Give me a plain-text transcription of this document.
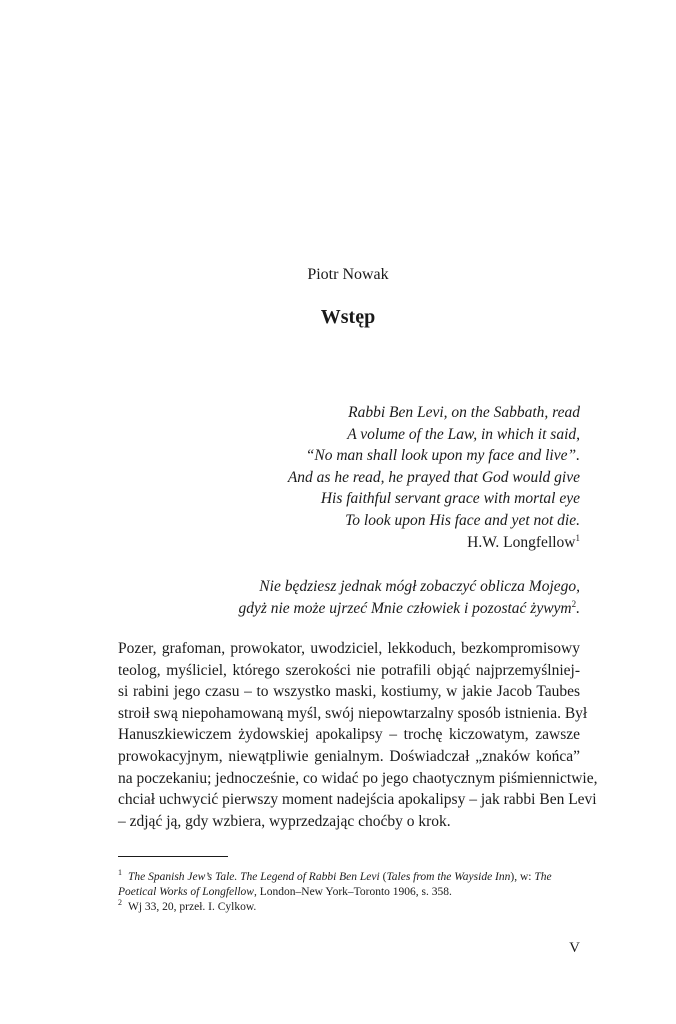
Piotr Nowak
Wstęp
Rabbi Ben Levi, on the Sabbath, read
A volume of the Law, in which it said,
“No man shall look upon my face and live”.
And as he read, he prayed that God would give
His faithful servant grace with mortal eye
To look upon His face and yet not die.
H.W. Longfellow$^1$
Nie będziesz jednak mógł zobaczyć oblicza Mojego,
gdyż nie może ujrzeć Mnie człowiek i pozostać żywym$^2$.
Pozer, grafoman, prowokator, uwodziciel, lekkoduch, bezkompromisowy
teolog, myśliciel, którego szerokości nie potrafili objąć najprzemyślniej-
si rabini jego czasu – to wszystko maski, kostiumy, w jakie Jacob Taubes
stroił swą niepohamowaną myśl, swój niepowtarzalny sposób istnienia. Był
Hanuszkiewiczem żydowskiej apokalipsy – trochę kiczowatym, zawsze
prowokacyjnym, niewątpliwie genialnym. Doświadczał „znaków końca”
na poczekaniu; jednocześnie, co widać po jego chaotycznym piśmiennictwie,
chciał uchwycić pierwszy moment nadejścia apokalipsy – jak rabbi Ben Levi
– zdjąć ją, gdy wzbiera, wyprzedzając choćby o krok.
$^1$ The Spanish Jew’s Tale. The Legend of Rabbi Ben Levi (Tales from the Wayside Inn), w: The Poetical Works of Longfellow, London–New York–Toronto 1906, s. 358.
$^2$ Wj 33, 20, przeł. I. Cylkow.
V
